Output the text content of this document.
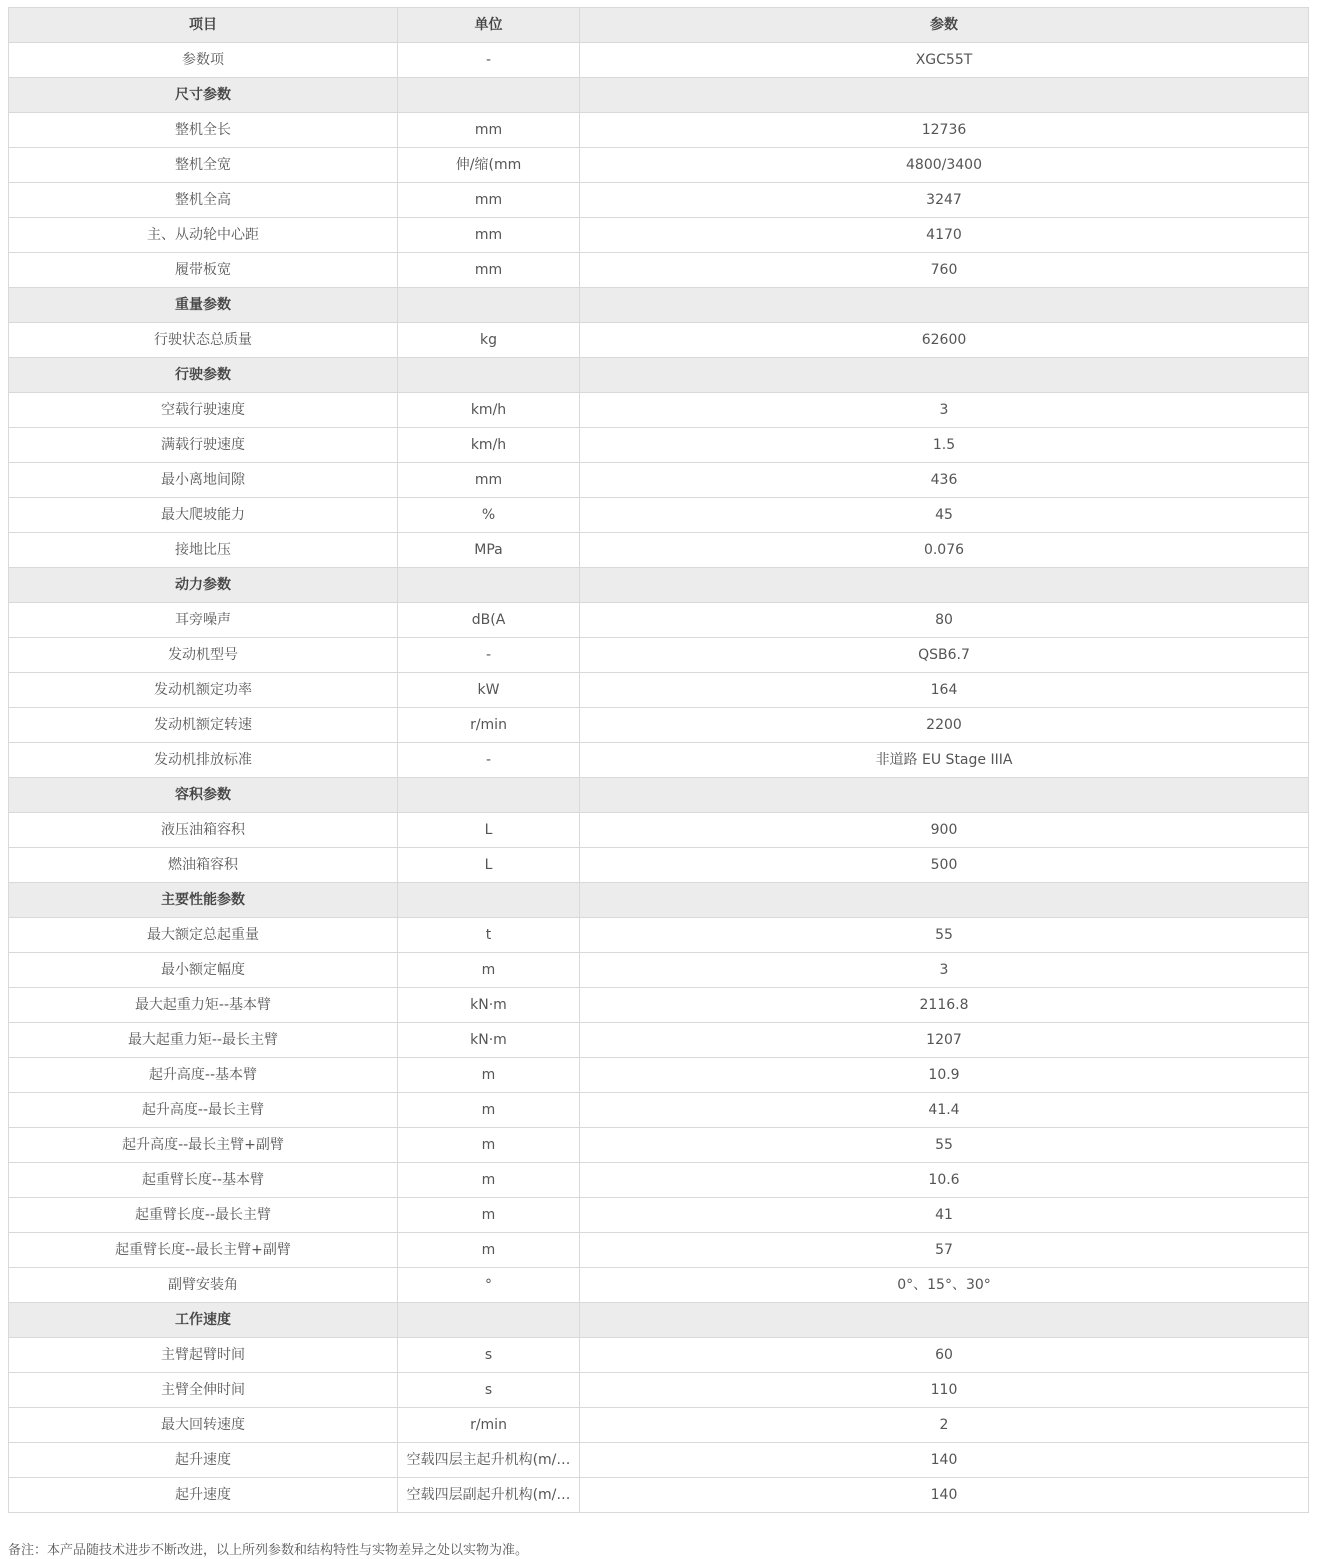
项目	单位	参数
参数项	-	XGC55T
尺寸参数		
整机全长	mm	12736
整机全宽	伸/缩(mm	4800/3400
整机全高	mm	3247
主、从动轮中心距	mm	4170
履带板宽	mm	760
重量参数		
行驶状态总质量	kg	62600
行驶参数		
空载行驶速度	km/h	3
满载行驶速度	km/h	1.5
最小离地间隙	mm	436
最大爬坡能力	%	45
接地比压	MPa	0.076
动力参数		
耳旁噪声	dB(A	80
发动机型号	-	QSB6.7
发动机额定功率	kW	164
发动机额定转速	r/min	2200
发动机排放标准	-	非道路 EU Stage IIIA
容积参数		
液压油箱容积	L	900
燃油箱容积	L	500
主要性能参数		
最大额定总起重量	t	55
最小额定幅度	m	3
最大起重力矩--基本臂	kN·m	2116.8
最大起重力矩--最长主臂	kN·m	1207
起升高度--基本臂	m	10.9
起升高度--最长主臂	m	41.4
起升高度--最长主臂+副臂	m	55
起重臂长度--基本臂	m	10.6
起重臂长度--最长主臂	m	41
起重臂长度--最长主臂+副臂	m	57
副臂安装角	°	0°、15°、30°
工作速度		
主臂起臂时间	s	60
主臂全伸时间	s	110
最大回转速度	r/min	2
起升速度	空载四层主起升机构(m/…	140
起升速度	空载四层副起升机构(m/…	140
备注：本产品随技术进步不断改进，以上所列参数和结构特性与实物差异之处以实物为准。
